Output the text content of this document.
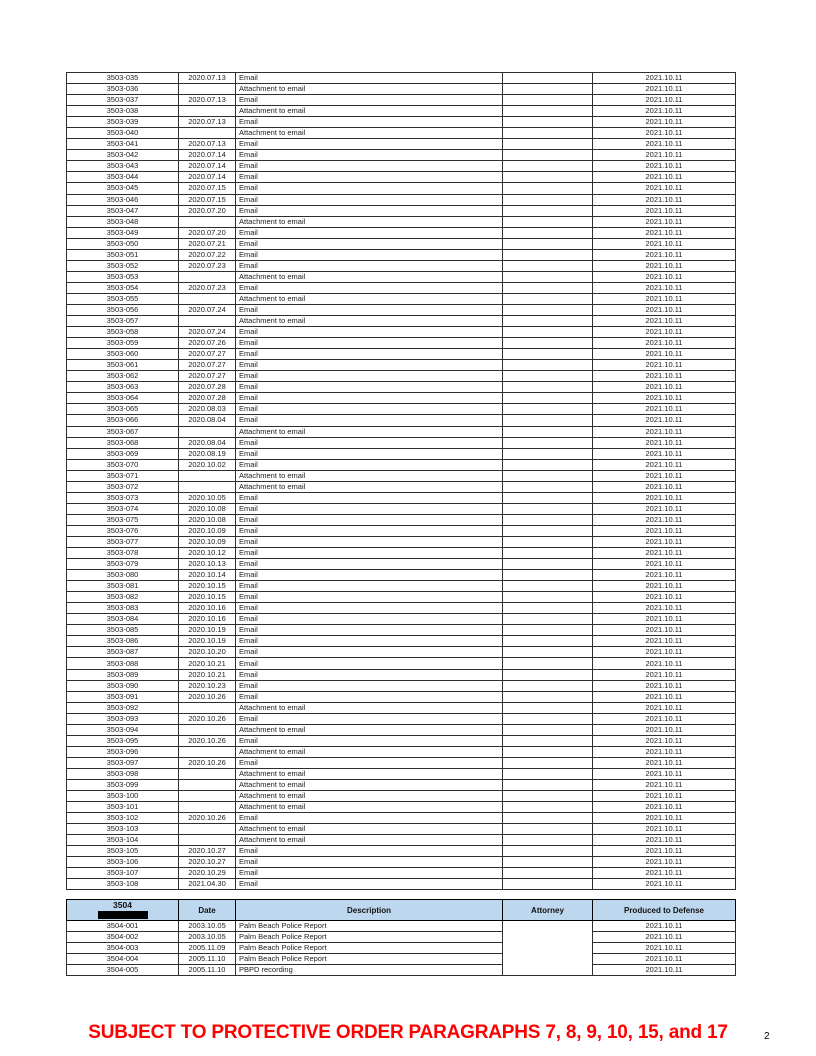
3503-035	2020.07.13	Email		2021.10.11
3503-036		Attachment to email		2021.10.11
3503-037	2020.07.13	Email		2021.10.11
3503-038		Attachment to email		2021.10.11
3503-039	2020.07.13	Email		2021.10.11
3503-040		Attachment to email		2021.10.11
3503-041	2020.07.13	Email		2021.10.11
3503-042	2020.07.14	Email		2021.10.11
3503-043	2020.07.14	Email		2021.10.11
3503-044	2020.07.14	Email		2021.10.11
3503-045	2020.07.15	Email		2021.10.11
3503-046	2020.07.15	Email		2021.10.11
3503-047	2020.07.20	Email		2021.10.11
3503-048		Attachment to email		2021.10.11
3503-049	2020.07.20	Email		2021.10.11
3503-050	2020.07.21	Email		2021.10.11
3503-051	2020.07.22	Email		2021.10.11
3503-052	2020.07.23	Email		2021.10.11
3503-053		Attachment to email		2021.10.11
3503-054	2020.07.23	Email		2021.10.11
3503-055		Attachment to email		2021.10.11
3503-056	2020.07.24	Email		2021.10.11
3503-057		Attachment to email		2021.10.11
3503-058	2020.07.24	Email		2021.10.11
3503-059	2020.07.26	Email		2021.10.11
3503-060	2020.07.27	Email		2021.10.11
3503-061	2020.07.27	Email		2021.10.11
3503-062	2020.07.27	Email		2021.10.11
3503-063	2020.07.28	Email		2021.10.11
3503-064	2020.07.28	Email		2021.10.11
3503-065	2020.08.03	Email		2021.10.11
3503-066	2020.08.04	Email		2021.10.11
3503-067		Attachment to email		2021.10.11
3503-068	2020.08.04	Email		2021.10.11
3503-069	2020.08.19	Email		2021.10.11
3503-070	2020.10.02	Email		2021.10.11
3503-071		Attachment to email		2021.10.11
3503-072		Attachment to email		2021.10.11
3503-073	2020.10.05	Email		2021.10.11
3503-074	2020.10.08	Email		2021.10.11
3503-075	2020.10.08	Email		2021.10.11
3503-076	2020.10.09	Email		2021.10.11
3503-077	2020.10.09	Email		2021.10.11
3503-078	2020.10.12	Email		2021.10.11
3503-079	2020.10.13	Email		2021.10.11
3503-080	2020.10.14	Email		2021.10.11
3503-081	2020.10.15	Email		2021.10.11
3503-082	2020.10.15	Email		2021.10.11
3503-083	2020.10.16	Email		2021.10.11
3503-084	2020.10.16	Email		2021.10.11
3503-085	2020.10.19	Email		2021.10.11
3503-086	2020.10.19	Email		2021.10.11
3503-087	2020.10.20	Email		2021.10.11
3503-088	2020.10.21	Email		2021.10.11
3503-089	2020.10.21	Email		2021.10.11
3503-090	2020.10.23	Email		2021.10.11
3503-091	2020.10.26	Email		2021.10.11
3503-092		Attachment to email		2021.10.11
3503-093	2020.10.26	Email		2021.10.11
3503-094		Attachment to email		2021.10.11
3503-095	2020.10.26	Email		2021.10.11
3503-096		Attachment to email		2021.10.11
3503-097	2020.10.26	Email		2021.10.11
3503-098		Attachment to email		2021.10.11
3503-099		Attachment to email		2021.10.11
3503-100		Attachment to email		2021.10.11
3503-101		Attachment to email		2021.10.11
3503-102	2020.10.26	Email		2021.10.11
3503-103		Attachment to email		2021.10.11
3503-104		Attachment to email		2021.10.11
3503-105	2020.10.27	Email		2021.10.11
3503-106	2020.10.27	Email		2021.10.11
3503-107	2020.10.29	Email		2021.10.11
3503-108	2021.04.30	Email		2021.10.11
3504	Date	Description	Attorney	Produced to Defense
3504-001	2003.10.05	Palm Beach Police Report		2021.10.11
3504-002	2003.10.05	Palm Beach Police Report		2021.10.11
3504-003	2005.11.09	Palm Beach Police Report		2021.10.11
3504-004	2005.11.10	Palm Beach Police Report		2021.10.11
3504-005	2005.11.10	PBPD recording		2021.10.11
SUBJECT TO PROTECTIVE ORDER PARAGRAPHS 7, 8, 9, 10, 15, and 17	2
